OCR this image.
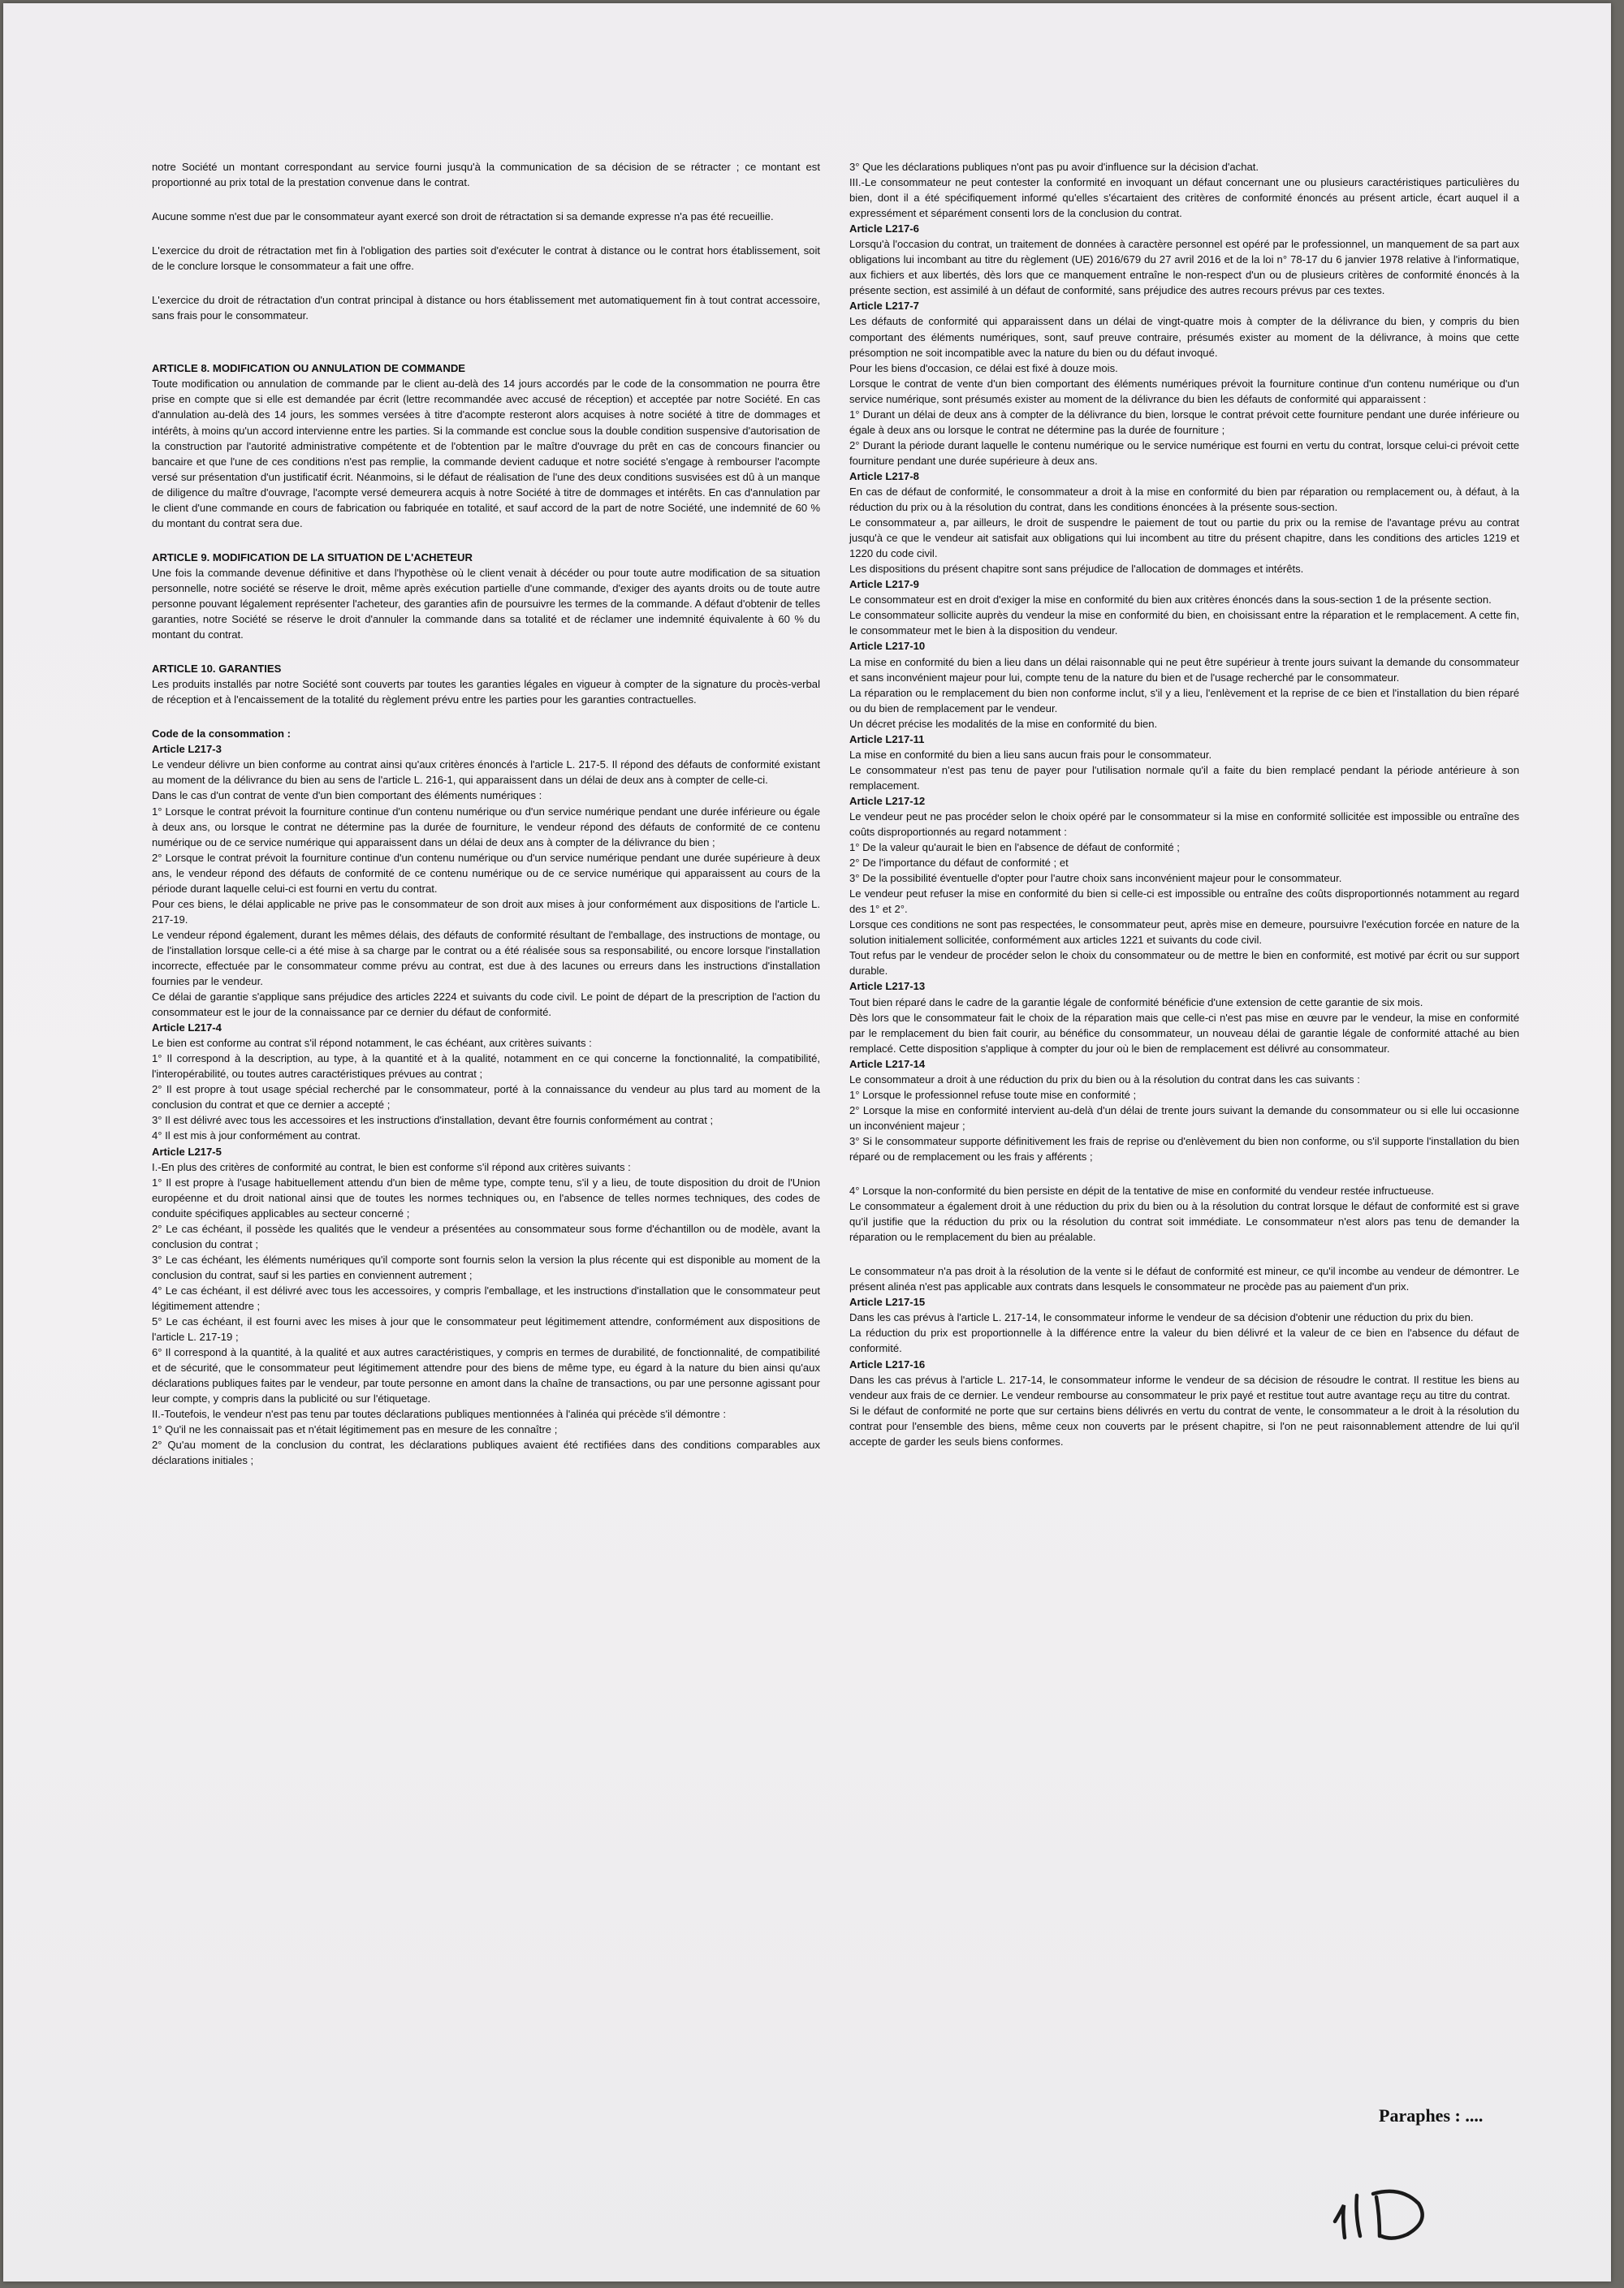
notre Société un montant correspondant au service fourni jusqu'à la communication de sa décision de se rétracter ; ce montant est proportionné au prix total de la prestation convenue dans le contrat.

Aucune somme n'est due par le consommateur ayant exercé son droit de rétractation si sa demande expresse n'a pas été recueillie.

L'exercice du droit de rétractation met fin à l'obligation des parties soit d'exécuter le contrat à distance ou le contrat hors établissement, soit de le conclure lorsque le consommateur a fait une offre.

L'exercice du droit de rétractation d'un contrat principal à distance ou hors établissement met automatiquement fin à tout contrat accessoire, sans frais pour le consommateur.

ARTICLE 8. MODIFICATION OU ANNULATION DE COMMANDE

Toute modification ou annulation de commande par le client au-delà des 14 jours accordés par le code de la consommation ne pourra être prise en compte que si elle est demandée par écrit (lettre recommandée avec accusé de réception) et acceptée par notre Société. En cas d'annulation au-delà des 14 jours, les sommes versées à titre d'acompte resteront alors acquises à notre société à titre de dommages et intérêts, à moins qu'un accord intervienne entre les parties. Si la commande est conclue sous la double condition suspensive d'autorisation de la construction par l'autorité administrative compétente et de l'obtention par le maître d'ouvrage du prêt en cas de concours financier ou bancaire et que l'une de ces conditions n'est pas remplie, la commande devient caduque et notre société s'engage à rembourser l'acompte versé sur présentation d'un justificatif écrit. Néanmoins, si le défaut de réalisation de l'une des deux conditions susvisées est dû à un manque de diligence du maître d'ouvrage, l'acompte versé demeurera acquis à notre Société à titre de dommages et intérêts. En cas d'annulation par le client d'une commande en cours de fabrication ou fabriquée en totalité, et sauf accord de la part de notre Société, une indemnité de 60 % du montant du contrat sera due.

ARTICLE 9. MODIFICATION DE LA SITUATION DE L'ACHETEUR

Une fois la commande devenue définitive et dans l'hypothèse où le client venait à décéder ou pour toute autre modification de sa situation personnelle, notre société se réserve le droit, même après exécution partielle d'une commande, d'exiger des ayants droits ou de toute autre personne pouvant légalement représenter l'acheteur, des garanties afin de poursuivre les termes de la commande. A défaut d'obtenir de telles garanties, notre Société se réserve le droit d'annuler la commande dans sa totalité et de réclamer une indemnité équivalente à 60 % du montant du contrat.

ARTICLE 10. GARANTIES

Les produits installés par notre Société sont couverts par toutes les garanties légales en vigueur à compter de la signature du procès-verbal de réception et à l'encaissement de la totalité du règlement prévu entre les parties pour les garanties contractuelles.

Code de la consommation :

Article L217-3

Le vendeur délivre un bien conforme au contrat ainsi qu'aux critères énoncés à l'article L. 217-5. Il répond des défauts de conformité existant au moment de la délivrance du bien au sens de l'article L. 216-1, qui apparaissent dans un délai de deux ans à compter de celle-ci.

Dans le cas d'un contrat de vente d'un bien comportant des éléments numériques :

1° Lorsque le contrat prévoit la fourniture continue d'un contenu numérique ou d'un service numérique pendant une durée inférieure ou égale à deux ans, ou lorsque le contrat ne détermine pas la durée de fourniture, le vendeur répond des défauts de conformité de ce contenu numérique ou de ce service numérique qui apparaissent dans un délai de deux ans à compter de la délivrance du bien ;

2° Lorsque le contrat prévoit la fourniture continue d'un contenu numérique ou d'un service numérique pendant une durée supérieure à deux ans, le vendeur répond des défauts de conformité de ce contenu numérique ou de ce service numérique qui apparaissent au cours de la période durant laquelle celui-ci est fourni en vertu du contrat.

Pour ces biens, le délai applicable ne prive pas le consommateur de son droit aux mises à jour conformément aux dispositions de l'article L. 217-19.

Le vendeur répond également, durant les mêmes délais, des défauts de conformité résultant de l'emballage, des instructions de montage, ou de l'installation lorsque celle-ci a été mise à sa charge par le contrat ou a été réalisée sous sa responsabilité, ou encore lorsque l'installation incorrecte, effectuée par le consommateur comme prévu au contrat, est due à des lacunes ou erreurs dans les instructions d'installation fournies par le vendeur.

Ce délai de garantie s'applique sans préjudice des articles 2224 et suivants du code civil. Le point de départ de la prescription de l'action du consommateur est le jour de la connaissance par ce dernier du défaut de conformité.

Article L217-4

Le bien est conforme au contrat s'il répond notamment, le cas échéant, aux critères suivants :

1° Il correspond à la description, au type, à la quantité et à la qualité, notamment en ce qui concerne la fonctionnalité, la compatibilité, l'interopérabilité, ou toutes autres caractéristiques prévues au contrat ;

2° Il est propre à tout usage spécial recherché par le consommateur, porté à la connaissance du vendeur au plus tard au moment de la conclusion du contrat et que ce dernier a accepté ;

3° Il est délivré avec tous les accessoires et les instructions d'installation, devant être fournis conformément au contrat ;

4° Il est mis à jour conformément au contrat.

Article L217-5

I.-En plus des critères de conformité au contrat, le bien est conforme s'il répond aux critères suivants :

1° Il est propre à l'usage habituellement attendu d'un bien de même type, compte tenu, s'il y a lieu, de toute disposition du droit de l'Union européenne et du droit national ainsi que de toutes les normes techniques ou, en l'absence de telles normes techniques, des codes de conduite spécifiques applicables au secteur concerné ;

2° Le cas échéant, il possède les qualités que le vendeur a présentées au consommateur sous forme d'échantillon ou de modèle, avant la conclusion du contrat ;

3° Le cas échéant, les éléments numériques qu'il comporte sont fournis selon la version la plus récente qui est disponible au moment de la conclusion du contrat, sauf si les parties en conviennent autrement ;

4° Le cas échéant, il est délivré avec tous les accessoires, y compris l'emballage, et les instructions d'installation que le consommateur peut légitimement attendre ;

5° Le cas échéant, il est fourni avec les mises à jour que le consommateur peut légitimement attendre, conformément aux dispositions de l'article L. 217-19 ;

6° Il correspond à la quantité, à la qualité et aux autres caractéristiques, y compris en termes de durabilité, de fonctionnalité, de compatibilité et de sécurité, que le consommateur peut légitimement attendre pour des biens de même type, eu égard à la nature du bien ainsi qu'aux déclarations publiques faites par le vendeur, par toute personne en amont dans la chaîne de transactions, ou par une personne agissant pour leur compte, y compris dans la publicité ou sur l'étiquetage.

II.-Toutefois, le vendeur n'est pas tenu par toutes déclarations publiques mentionnées à l'alinéa qui précède s'il démontre :

1° Qu'il ne les connaissait pas et n'était légitimement pas en mesure de les connaître ;

2° Qu'au moment de la conclusion du contrat, les déclarations publiques avaient été rectifiées dans des conditions comparables aux déclarations initiales ;

3° Que les déclarations publiques n'ont pas pu avoir d'influence sur la décision d'achat.

III.-Le consommateur ne peut contester la conformité en invoquant un défaut concernant une ou plusieurs caractéristiques particulières du bien, dont il a été spécifiquement informé qu'elles s'écartaient des critères de conformité énoncés au présent article, écart auquel il a expressément et séparément consenti lors de la conclusion du contrat.

Article L217-6

Lorsqu'à l'occasion du contrat, un traitement de données à caractère personnel est opéré par le professionnel, un manquement de sa part aux obligations lui incombant au titre du règlement (UE) 2016/679 du 27 avril 2016 et de la loi n° 78-17 du 6 janvier 1978 relative à l'informatique, aux fichiers et aux libertés, dès lors que ce manquement entraîne le non-respect d'un ou de plusieurs critères de conformité énoncés à la présente section, est assimilé à un défaut de conformité, sans préjudice des autres recours prévus par ces textes.

Article L217-7

Les défauts de conformité qui apparaissent dans un délai de vingt-quatre mois à compter de la délivrance du bien, y compris du bien comportant des éléments numériques, sont, sauf preuve contraire, présumés exister au moment de la délivrance, à moins que cette présomption ne soit incompatible avec la nature du bien ou du défaut invoqué.

Pour les biens d'occasion, ce délai est fixé à douze mois.

Lorsque le contrat de vente d'un bien comportant des éléments numériques prévoit la fourniture continue d'un contenu numérique ou d'un service numérique, sont présumés exister au moment de la délivrance du bien les défauts de conformité qui apparaissent :

1° Durant un délai de deux ans à compter de la délivrance du bien, lorsque le contrat prévoit cette fourniture pendant une durée inférieure ou égale à deux ans ou lorsque le contrat ne détermine pas la durée de fourniture ;

2° Durant la période durant laquelle le contenu numérique ou le service numérique est fourni en vertu du contrat, lorsque celui-ci prévoit cette fourniture pendant une durée supérieure à deux ans.

Article L217-8

En cas de défaut de conformité, le consommateur a droit à la mise en conformité du bien par réparation ou remplacement ou, à défaut, à la réduction du prix ou à la résolution du contrat, dans les conditions énoncées à la présente sous-section.

Le consommateur a, par ailleurs, le droit de suspendre le paiement de tout ou partie du prix ou la remise de l'avantage prévu au contrat jusqu'à ce que le vendeur ait satisfait aux obligations qui lui incombent au titre du présent chapitre, dans les conditions des articles 1219 et 1220 du code civil.

Les dispositions du présent chapitre sont sans préjudice de l'allocation de dommages et intérêts.

Article L217-9

Le consommateur est en droit d'exiger la mise en conformité du bien aux critères énoncés dans la sous-section 1 de la présente section.

Le consommateur sollicite auprès du vendeur la mise en conformité du bien, en choisissant entre la réparation et le remplacement. A cette fin, le consommateur met le bien à la disposition du vendeur.

Article L217-10

La mise en conformité du bien a lieu dans un délai raisonnable qui ne peut être supérieur à trente jours suivant la demande du consommateur et sans inconvénient majeur pour lui, compte tenu de la nature du bien et de l'usage recherché par le consommateur.

La réparation ou le remplacement du bien non conforme inclut, s'il y a lieu, l'enlèvement et la reprise de ce bien et l'installation du bien réparé ou du bien de remplacement par le vendeur.

Un décret précise les modalités de la mise en conformité du bien.

Article L217-11

La mise en conformité du bien a lieu sans aucun frais pour le consommateur.

Le consommateur n'est pas tenu de payer pour l'utilisation normale qu'il a faite du bien remplacé pendant la période antérieure à son remplacement.

Article L217-12

Le vendeur peut ne pas procéder selon le choix opéré par le consommateur si la mise en conformité sollicitée est impossible ou entraîne des coûts disproportionnés au regard notamment :

1° De la valeur qu'aurait le bien en l'absence de défaut de conformité ;

2° De l'importance du défaut de conformité ; et

3° De la possibilité éventuelle d'opter pour l'autre choix sans inconvénient majeur pour le consommateur.

Le vendeur peut refuser la mise en conformité du bien si celle-ci est impossible ou entraîne des coûts disproportionnés notamment au regard des 1° et 2°.

Lorsque ces conditions ne sont pas respectées, le consommateur peut, après mise en demeure, poursuivre l'exécution forcée en nature de la solution initialement sollicitée, conformément aux articles 1221 et suivants du code civil.

Tout refus par le vendeur de procéder selon le choix du consommateur ou de mettre le bien en conformité, est motivé par écrit ou sur support durable.

Article L217-13

Tout bien réparé dans le cadre de la garantie légale de conformité bénéficie d'une extension de cette garantie de six mois.

Dès lors que le consommateur fait le choix de la réparation mais que celle-ci n'est pas mise en œuvre par le vendeur, la mise en conformité par le remplacement du bien fait courir, au bénéfice du consommateur, un nouveau délai de garantie légale de conformité attaché au bien remplacé. Cette disposition s'applique à compter du jour où le bien de remplacement est délivré au consommateur.

Article L217-14

Le consommateur a droit à une réduction du prix du bien ou à la résolution du contrat dans les cas suivants :

1° Lorsque le professionnel refuse toute mise en conformité ;

2° Lorsque la mise en conformité intervient au-delà d'un délai de trente jours suivant la demande du consommateur ou si elle lui occasionne un inconvénient majeur ;

3° Si le consommateur supporte définitivement les frais de reprise ou d'enlèvement du bien non conforme, ou s'il supporte l'installation du bien réparé ou de remplacement ou les frais y afférents ;

4° Lorsque la non-conformité du bien persiste en dépit de la tentative de mise en conformité du vendeur restée infructueuse.

Le consommateur a également droit à une réduction du prix du bien ou à la résolution du contrat lorsque le défaut de conformité est si grave qu'il justifie que la réduction du prix ou la résolution du contrat soit immédiate. Le consommateur n'est alors pas tenu de demander la réparation ou le remplacement du bien au préalable.

Le consommateur n'a pas droit à la résolution de la vente si le défaut de conformité est mineur, ce qu'il incombe au vendeur de démontrer. Le présent alinéa n'est pas applicable aux contrats dans lesquels le consommateur ne procède pas au paiement d'un prix.

Article L217-15

Dans les cas prévus à l'article L. 217-14, le consommateur informe le vendeur de sa décision d'obtenir une réduction du prix du bien.

La réduction du prix est proportionnelle à la différence entre la valeur du bien délivré et la valeur de ce bien en l'absence du défaut de conformité.

Article L217-16

Dans les cas prévus à l'article L. 217-14, le consommateur informe le vendeur de sa décision de résoudre le contrat. Il restitue les biens au vendeur aux frais de ce dernier. Le vendeur rembourse au consommateur le prix payé et restitue tout autre avantage reçu au titre du contrat.

Si le défaut de conformité ne porte que sur certains biens délivrés en vertu du contrat de vente, le consommateur a le droit à la résolution du contrat pour l'ensemble des biens, même ceux non couverts par le présent chapitre, si l'on ne peut raisonnablement attendre de lui qu'il accepte de garder les seuls biens conformes.

Paraphes : ....
